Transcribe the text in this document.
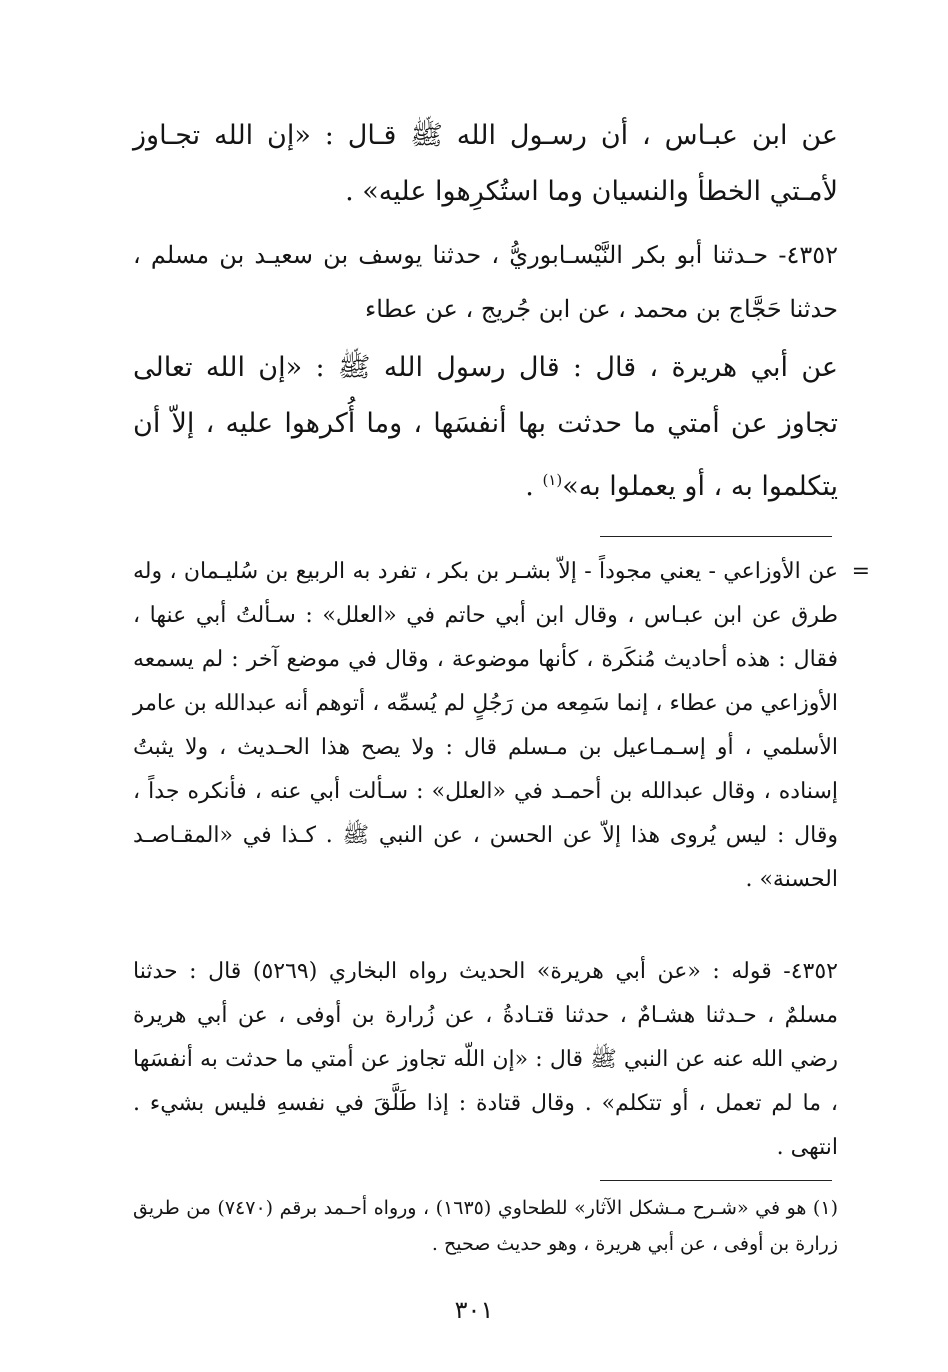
عن ابن عبـاس ، أن رسـول الله ﷺ قـال : «إن الله تجـاوز لأمـتي الخطأ والنسيان وما استُكرِهوا عليه» .

٤٣٥٢- حـدثنا أبو بكر النَّيْسـابوريُّ ، حدثنا يوسف بن سعيـد بن مسلم ، حدثنا حَجَّاج بن محمد ، عن ابن جُريج ، عن عطاء

عن أبي هريرة ، قال : قال رسول الله ﷺ : «إن الله تعالى تجاوز عن أمتي ما حدثت بها أنفسَها ، وما أُكرهوا عليه ، إلاّ أن يتكلموا به ، أو يعملوا به»$^{(١)}$ .

=

عن الأوزاعي - يعني مجوداً - إلاّ بشـر بن بكر ، تفرد به الربيع بن سُليـمان ، وله طرق عن ابن عبـاس ، وقال ابن أبي حاتم في «العلل» : سـألتُ أبي عنها ، فقال : هذه أحاديث مُنكَرة ، كأنها موضوعة ، وقال في موضع آخر : لم يسمعه الأوزاعي من عطاء ، إنما سَمِعه من رَجُلٍ لم يُسمِّه ، أتوهم أنه عبدالله بن عامر الأسلمي ، أو إسـمـاعيل بن مـسلم قال : ولا يصح هذا الحـديث ، ولا يثبتُ إسناده ، وقال عبدالله بن أحمـد في «العلل» : سـألت أبي عنه ، فأنكره جداً ، وقال : ليس يُروى هذا إلاّ عن الحسن ، عن النبي ﷺ . كـذا في «المقـاصـد الحسنة» .

٤٣٥٢- قوله : «عن أبي هريرة» الحديث رواه البخاري (٥٢٦٩) قال : حدثنا مسلمٌ ، حـدثنا هشـامٌ ، حدثنا قتـادةُ ، عن زُرارة بن أوفى ، عن أبي هريرة رضي الله عنه عن النبي ﷺ قال : «إن اللّه تجاوز عن أمتي ما حدثت به أنفسَها ، ما لم تعمل ، أو تتكلم» . وقال قتادة : إذا طَلَّقَ في نفسهِ فليس بشيء . انتهى .

(١) هو في «شـرح مـشكل الآثار» للطحاوي (١٦٣٥) ، ورواه أحـمد برقم (٧٤٧٠) من طريق زرارة بن أوفى ، عن أبي هريرة ، وهو حديث صحيح .

٣٠١
